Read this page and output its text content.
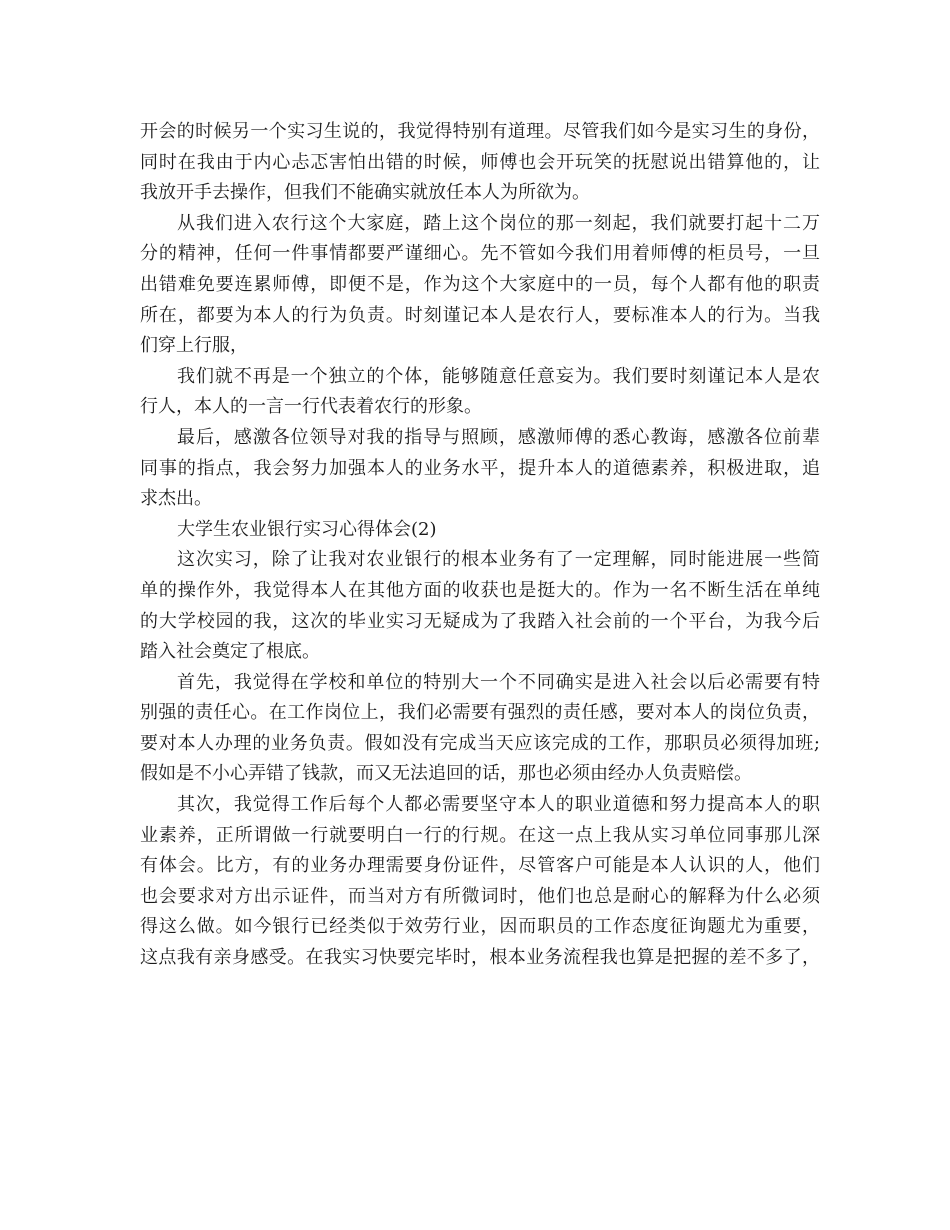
开会的时候另一个实习生说的，我觉得特别有道理。尽管我们如今是实习生的身份，
同时在我由于内心忐忑害怕出错的时候，师傅也会开玩笑的抚慰说出错算他的，让
我放开手去操作，但我们不能确实就放任本人为所欲为。
从我们进入农行这个大家庭，踏上这个岗位的那一刻起，我们就要打起十二万
分的精神，任何一件事情都要严谨细心。先不管如今我们用着师傅的柜员号，一旦
出错难免要连累师傅，即便不是，作为这个大家庭中的一员，每个人都有他的职责
所在，都要为本人的行为负责。时刻谨记本人是农行人，要标准本人的行为。当我
们穿上行服，
我们就不再是一个独立的个体，能够随意任意妄为。我们要时刻谨记本人是农
行人，本人的一言一行代表着农行的形象。
最后，感激各位领导对我的指导与照顾，感激师傅的悉心教诲，感激各位前辈
同事的指点，我会努力加强本人的业务水平，提升本人的道德素养，积极进取，追
求杰出。
大学生农业银行实习心得体会(2)
这次实习，除了让我对农业银行的根本业务有了一定理解，同时能进展一些简
单的操作外，我觉得本人在其他方面的收获也是挺大的。作为一名不断生活在单纯
的大学校园的我，这次的毕业实习无疑成为了我踏入社会前的一个平台，为我今后
踏入社会奠定了根底。
首先，我觉得在学校和单位的特别大一个不同确实是进入社会以后必需要有特
别强的责任心。在工作岗位上，我们必需要有强烈的责任感，要对本人的岗位负责，
要对本人办理的业务负责。假如没有完成当天应该完成的工作，那职员必须得加班;
假如是不小心弄错了钱款，而又无法追回的话，那也必须由经办人负责赔偿。
其次，我觉得工作后每个人都必需要坚守本人的职业道德和努力提高本人的职
业素养，正所谓做一行就要明白一行的行规。在这一点上我从实习单位同事那儿深
有体会。比方，有的业务办理需要身份证件，尽管客户可能是本人认识的人，他们
也会要求对方出示证件，而当对方有所微词时，他们也总是耐心的解释为什么必须
得这么做。如今银行已经类似于效劳行业，因而职员的工作态度征询题尤为重要，
这点我有亲身感受。在我实习快要完毕时，根本业务流程我也算是把握的差不多了，
